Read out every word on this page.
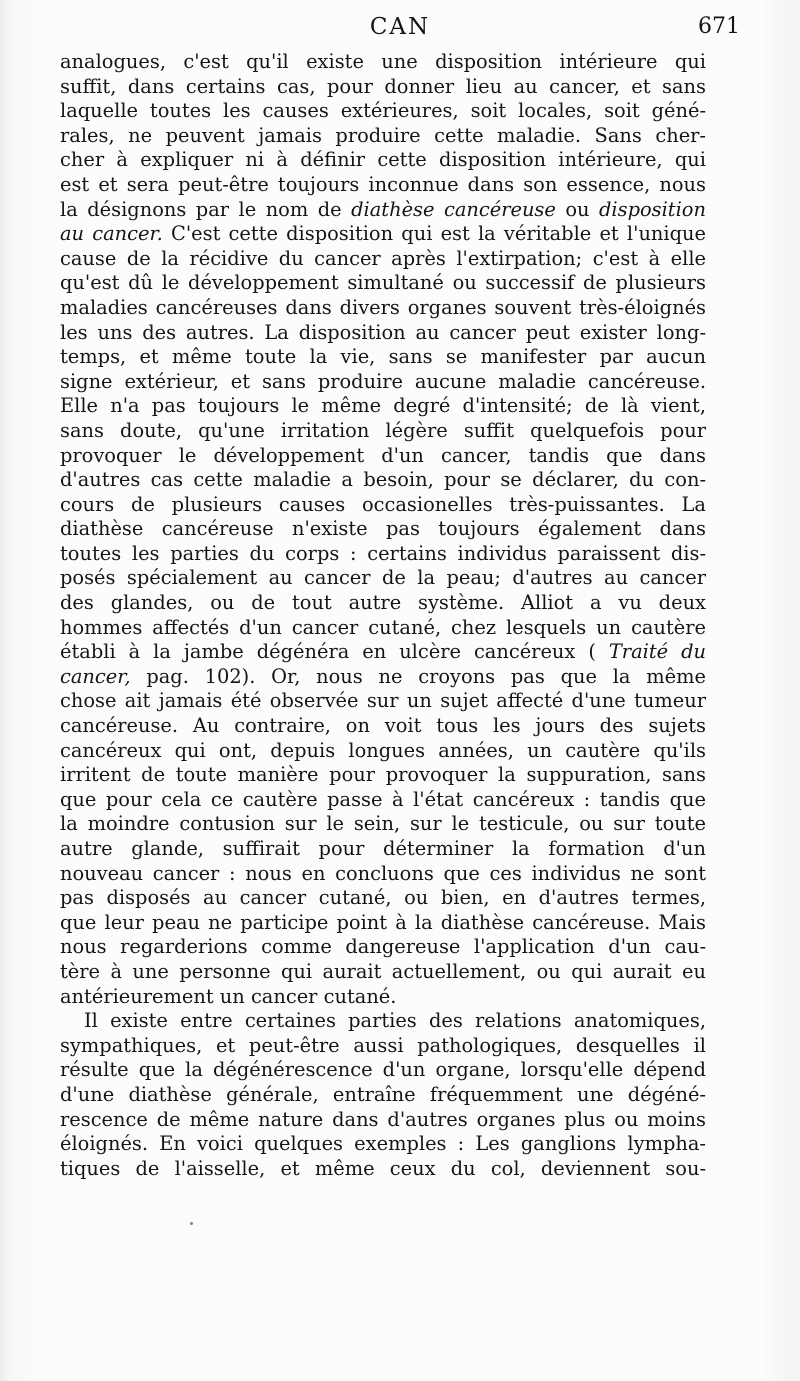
CAN	671

analogues, c'est qu'il existe une disposition intérieure qui
suffit, dans certains cas, pour donner lieu au cancer, et sans
laquelle toutes les causes extérieures, soit locales, soit géné-
rales, ne peuvent jamais produire cette maladie. Sans cher-
cher à expliquer ni à définir cette disposition intérieure, qui
est et sera peut-être toujours inconnue dans son essence, nous
la désignons par le nom de diathèse cancéreuse ou disposition
au cancer. C'est cette disposition qui est la véritable et l'unique
cause de la récidive du cancer après l'extirpation; c'est à elle
qu'est dû le développement simultané ou successif de plusieurs
maladies cancéreuses dans divers organes souvent très-éloignés
les uns des autres. La disposition au cancer peut exister long-
temps, et même toute la vie, sans se manifester par aucun
signe extérieur, et sans produire aucune maladie cancéreuse.
Elle n'a pas toujours le même degré d'intensité; de là vient,
sans doute, qu'une irritation légère suffit quelquefois pour
provoquer le développement d'un cancer, tandis que dans
d'autres cas cette maladie a besoin, pour se déclarer, du con-
cours de plusieurs causes occasionelles très-puissantes. La
diathèse cancéreuse n'existe pas toujours également dans
toutes les parties du corps : certains individus paraissent dis-
posés spécialement au cancer de la peau; d'autres au cancer
des glandes, ou de tout autre système. Alliot a vu deux
hommes affectés d'un cancer cutané, chez lesquels un cautère
établi à la jambe dégénéra en ulcère cancéreux ( Traité du
cancer, pag. 102). Or, nous ne croyons pas que la même
chose ait jamais été observée sur un sujet affecté d'une tumeur
cancéreuse. Au contraire, on voit tous les jours des sujets
cancéreux qui ont, depuis longues années, un cautère qu'ils
irritent de toute manière pour provoquer la suppuration, sans
que pour cela ce cautère passe à l'état cancéreux : tandis que
la moindre contusion sur le sein, sur le testicule, ou sur toute
autre glande, suffirait pour déterminer la formation d'un
nouveau cancer : nous en concluons que ces individus ne sont
pas disposés au cancer cutané, ou bien, en d'autres termes,
que leur peau ne participe point à la diathèse cancéreuse. Mais
nous regarderions comme dangereuse l'application d'un cau-
tère à une personne qui aurait actuellement, ou qui aurait eu
antérieurement un cancer cutané.

Il existe entre certaines parties des relations anatomiques,
sympathiques, et peut-être aussi pathologiques, desquelles il
résulte que la dégénérescence d'un organe, lorsqu'elle dépend
d'une diathèse générale, entraîne fréquemment une dégéné-
rescence de même nature dans d'autres organes plus ou moins
éloignés. En voici quelques exemples : Les ganglions lympha-
tiques de l'aisselle, et même ceux du col, deviennent sou-
